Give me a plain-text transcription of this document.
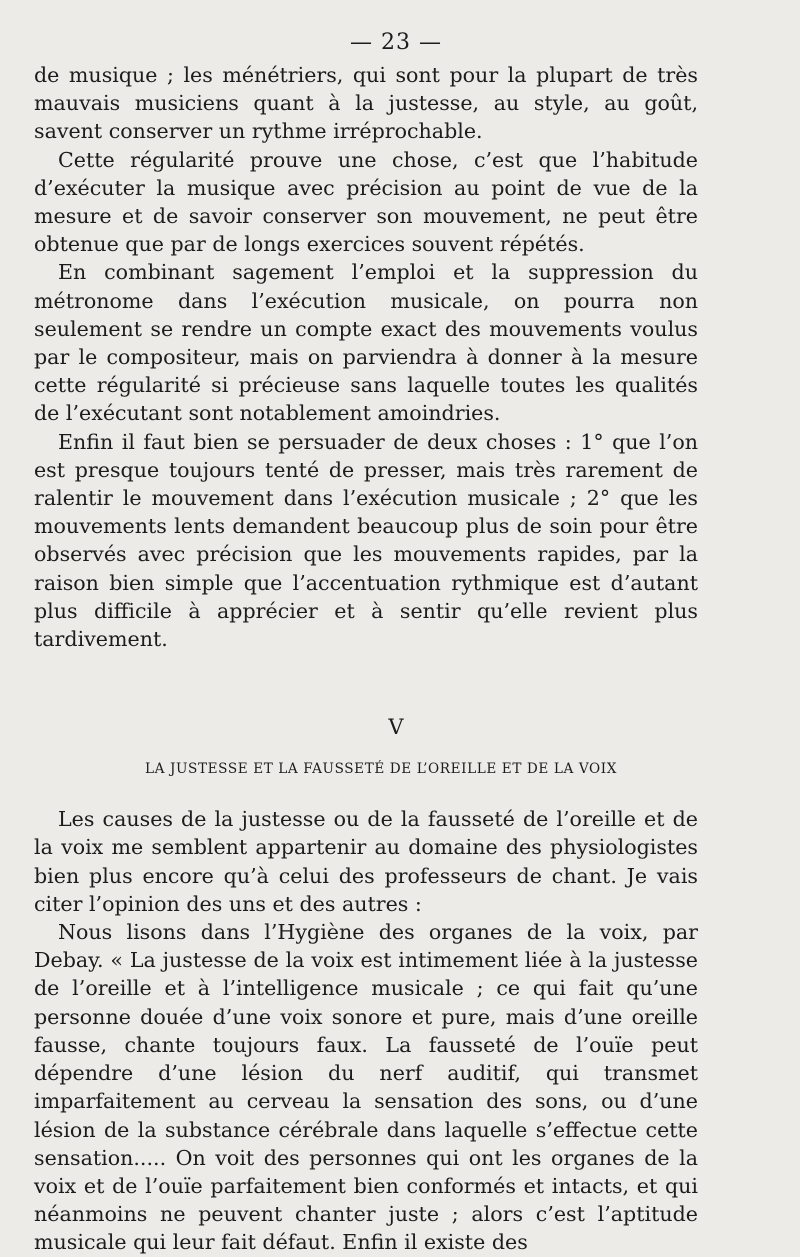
— 23 —

de musique ; les ménétriers, qui sont pour la plupart de très mauvais musiciens quant à la justesse, au style, au goût, savent conserver un rythme irréprochable.

Cette régularité prouve une chose, c’est que l’habitude d’exécuter la musique avec précision au point de vue de la mesure et de savoir conserver son mouvement, ne peut être obtenue que par de longs exercices souvent répétés.

En combinant sagement l’emploi et la suppression du métronome dans l’exécution musicale, on pourra non seulement se rendre un compte exact des mouvements voulus par le compositeur, mais on parviendra à donner à la mesure cette régularité si précieuse sans laquelle toutes les qualités de l’exécutant sont notablement amoindries.

Enfin il faut bien se persuader de deux choses : 1° que l’on est presque toujours tenté de presser, mais très rarement de ralentir le mouvement dans l’exécution musicale ; 2° que les mouvements lents demandent beaucoup plus de soin pour être observés avec précision que les mouvements rapides, par la raison bien simple que l’accentuation rythmique est d’autant plus difficile à apprécier et à sentir qu’elle revient plus tardivement.

V
LA JUSTESSE ET LA FAUSSETÉ DE L’OREILLE ET DE LA VOIX

Les causes de la justesse ou de la fausseté de l’oreille et de la voix me semblent appartenir au domaine des physiologistes bien plus encore qu’à celui des professeurs de chant. Je vais citer l’opinion des uns et des autres :

Nous lisons dans l’Hygiène des organes de la voix, par Debay. « La justesse de la voix est intimement liée à la justesse de l’oreille et à l’intelligence musicale ; ce qui fait qu’une personne douée d’une voix sonore et pure, mais d’une oreille fausse, chante toujours faux. La fausseté de l’ouïe peut dépendre d’une lésion du nerf auditif, qui transmet imparfaitement au cerveau la sensation des sons, ou d’une lésion de la substance cérébrale dans laquelle s’effectue cette sensation..... On voit des personnes qui ont les organes de la voix et de l’ouïe parfaitement bien conformés et intacts, et qui néanmoins ne peuvent chanter juste ; alors c’est l’aptitude musicale qui leur fait défaut. Enfin il existe des
